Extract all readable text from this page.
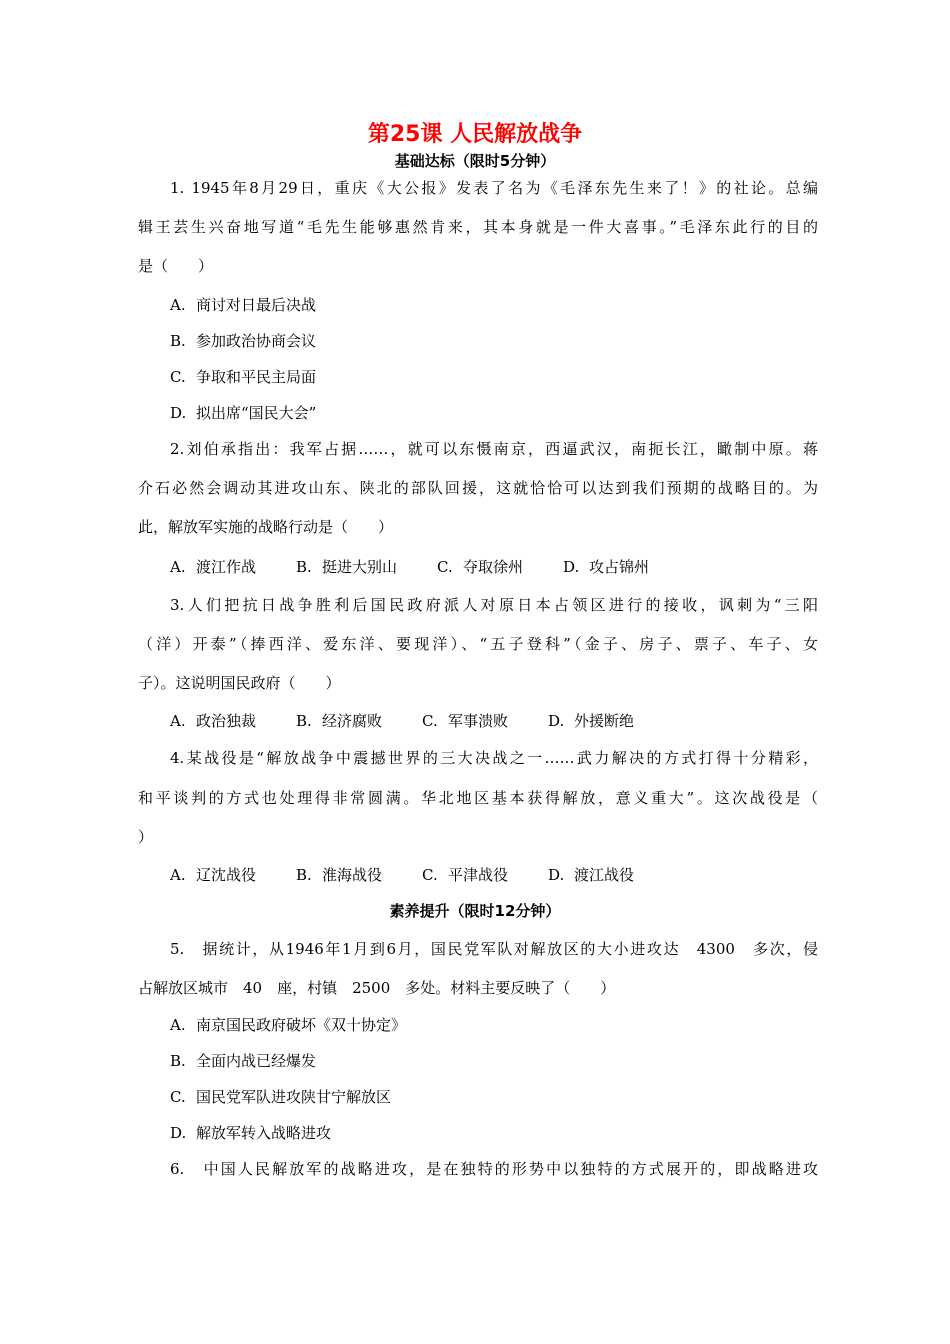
第25课 人民解放战争
基础达标（限时5分钟）
1. 1945年8月29日，重庆《大公报》发表了名为《毛泽东先生来了！》的社论。总编
辑王芸生兴奋地写道“毛先生能够惠然肯来，其本身就是一件大喜事。”毛泽东此行的目的
是（　　）
A. 商讨对日最后决战
B. 参加政治协商会议
C. 争取和平民主局面
D. 拟出席“国民大会”
2.刘伯承指出：我军占据……，就可以东慑南京，西逼武汉，南扼长江，瞰制中原。蒋
介石必然会调动其进攻山东、陕北的部队回援，这就恰恰可以达到我们预期的战略目的。为
此，解放军实施的战略行动是（　　）
A. 渡江作战	B. 挺进大别山	C. 夺取徐州	D. 攻占锦州
3.人们把抗日战争胜利后国民政府派人对原日本占领区进行的接收，讽刺为“三阳
（洋）开泰”（捧西洋、爱东洋、要现洋）、“五子登科”（金子、房子、票子、车子、女
子）。这说明国民政府（　　）
A. 政治独裁	B. 经济腐败	C. 军事溃败	D. 外援断绝
4.某战役是“解放战争中震撼世界的三大决战之一……武力解决的方式打得十分精彩，
和平谈判的方式也处理得非常圆满。华北地区基本获得解放，意义重大”。这次战役是（
）
A. 辽沈战役	B. 淮海战役	C. 平津战役	D. 渡江战役
素养提升（限时12分钟）
5.　据统计，从1946年1月到6月，国民党军队对解放区的大小进攻达　4300　多次，侵
占解放区城市　40　座，村镇　2500　多处。材料主要反映了（　　）
A. 南京国民政府破坏《双十协定》
B. 全面内战已经爆发
C. 国民党军队进攻陕甘宁解放区
D. 解放军转入战略进攻
6.　中国人民解放军的战略进攻，是在独特的形势中以独特的方式展开的，即战略进攻
